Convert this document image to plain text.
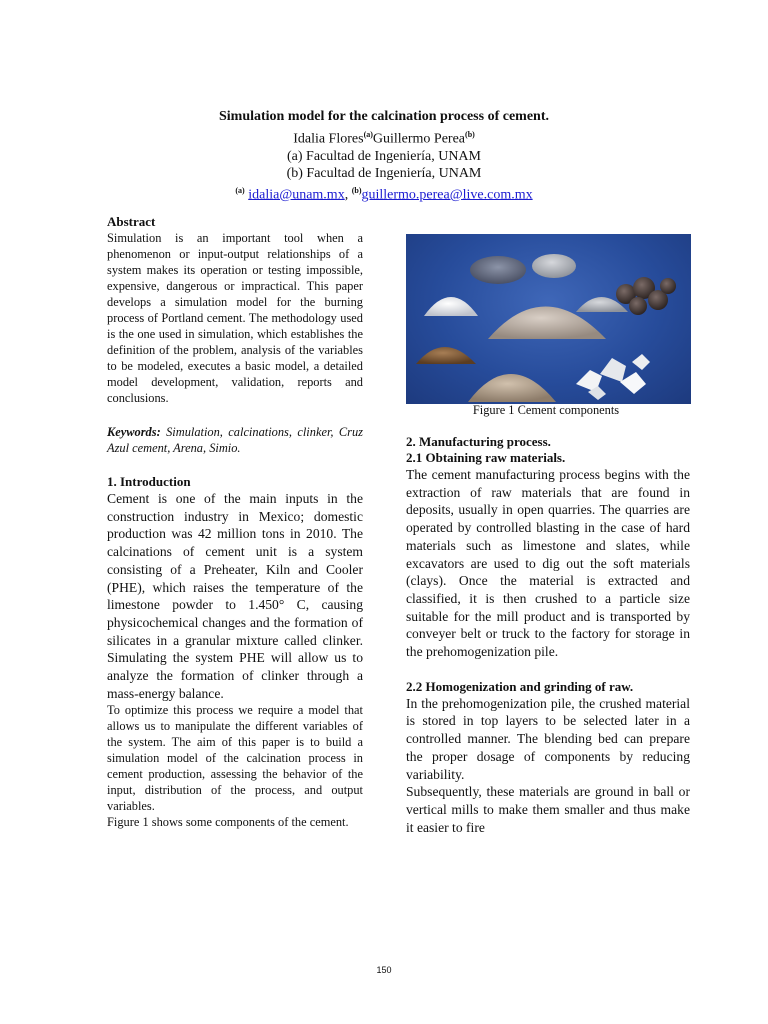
Simulation model for the calcination process of cement.

Idalia Flores$^{(a)}$Guillermo Perea$^{(b)}$

(a) Facultad de Ingeniería, UNAM

(b) Facultad de Ingeniería, UNAM

$^{(a)}$ idalia@unam.mx, $^{(b)}$guillermo.perea@live.com.mx

Abstract

Simulation is an important tool when a phenomenon or input-output relationships of a system makes its operation or testing impossible, expensive, dangerous or impractical. This paper develops a simulation model for the burning process of Portland cement. The methodology used is the one used in simulation, which establishes the definition of the problem, analysis of the variables to be modeled, executes a basic model, a detailed model development, validation, reports and conclusions.

Keywords: Simulation, calcinations, clinker, Cruz Azul cement, Arena, Simio.

1. Introduction

Cement is one of the main inputs in the construction industry in Mexico; domestic production was 42 million tons in 2010. The calcinations of cement unit is a system consisting of a Preheater, Kiln and Cooler (PHE), which raises the temperature of the limestone powder to 1.450° C, causing physicochemical changes and the formation of silicates in a granular mixture called clinker. Simulating the system PHE will allow us to analyze the formation of clinker through a mass-energy balance.

To optimize this process we require a model that allows us to manipulate the different variables of the system. The aim of this paper is to build a simulation model of the calcination process in cement production, assessing the behavior of the input, distribution of the process, and output variables.

Figure 1 shows some components of the cement.

Figure 1 Cement components

2. Manufacturing process.

2.1 Obtaining raw materials.

The cement manufacturing process begins with the extraction of raw materials that are found in deposits, usually in open quarries. The quarries are operated by controlled blasting in the case of hard materials such as limestone and slates, while excavators are used to dig out the soft materials (clays). Once the material is extracted and classified, it is then crushed to a particle size suitable for the mill product and is transported by conveyer belt or truck to the factory for storage in the prehomogenization pile.

2.2 Homogenization and grinding of raw.

In the prehomogenization pile, the crushed material is stored in top layers to be selected later in a controlled manner. The blending bed can prepare the proper dosage of components by reducing variability.

Subsequently, these materials are ground in ball or vertical mills to make them smaller and thus make it easier to fire

150
